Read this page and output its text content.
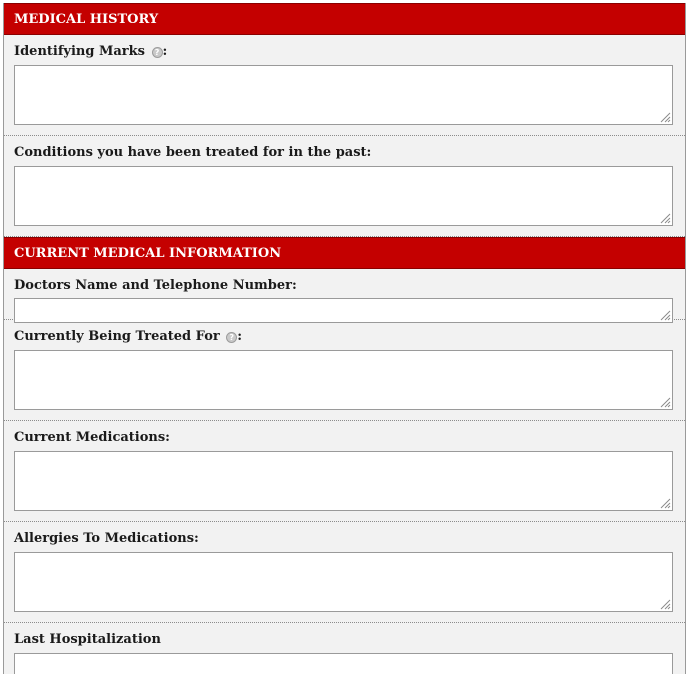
MEDICAL HISTORY
Identifying Marks ? :
Conditions you have been treated for in the past:
CURRENT MEDICAL INFORMATION
Doctors Name and Telephone Number:
Currently Being Treated For ? :
Current Medications:
Allergies To Medications:
Last Hospitalization
